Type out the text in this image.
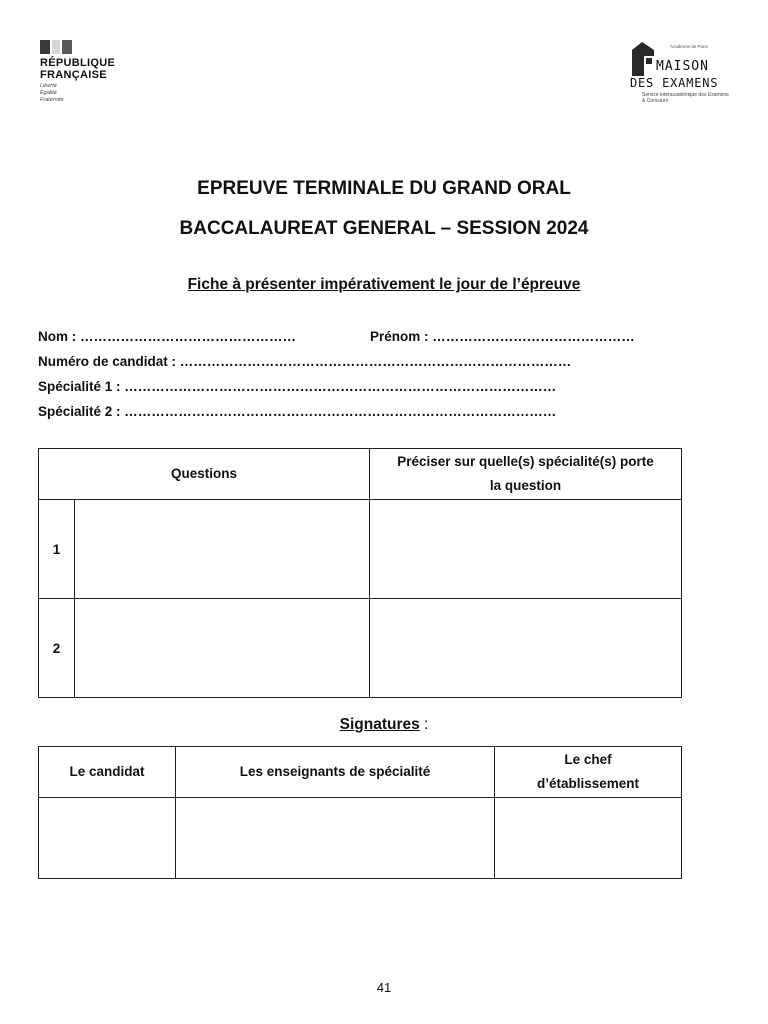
RÉPUBLIQUE
FRANÇAISE
Liberté
Égalité
Fraternité
Académie de Paris
MAISON
DES EXAMENS
Service interacadémique des Examens & Concours
EPREUVE TERMINALE DU GRAND ORAL
BACCALAUREAT GENERAL – SESSION 2024
Fiche à présenter impérativement le jour de l’épreuve
Nom : …………………………………………	Prénom : ………………………………………
Numéro de candidat : ……………………………………………………………………………
Spécialité 1 : ……………………………………………………………………………………
Spécialité 2 : ……………………………………………………………………………………
Questions		Préciser sur quelle(s) spécialité(s) porte
la question

1		
2		
Signatures :
Le candidat	Les enseignants de spécialité	Le chef
d’établissement

41
